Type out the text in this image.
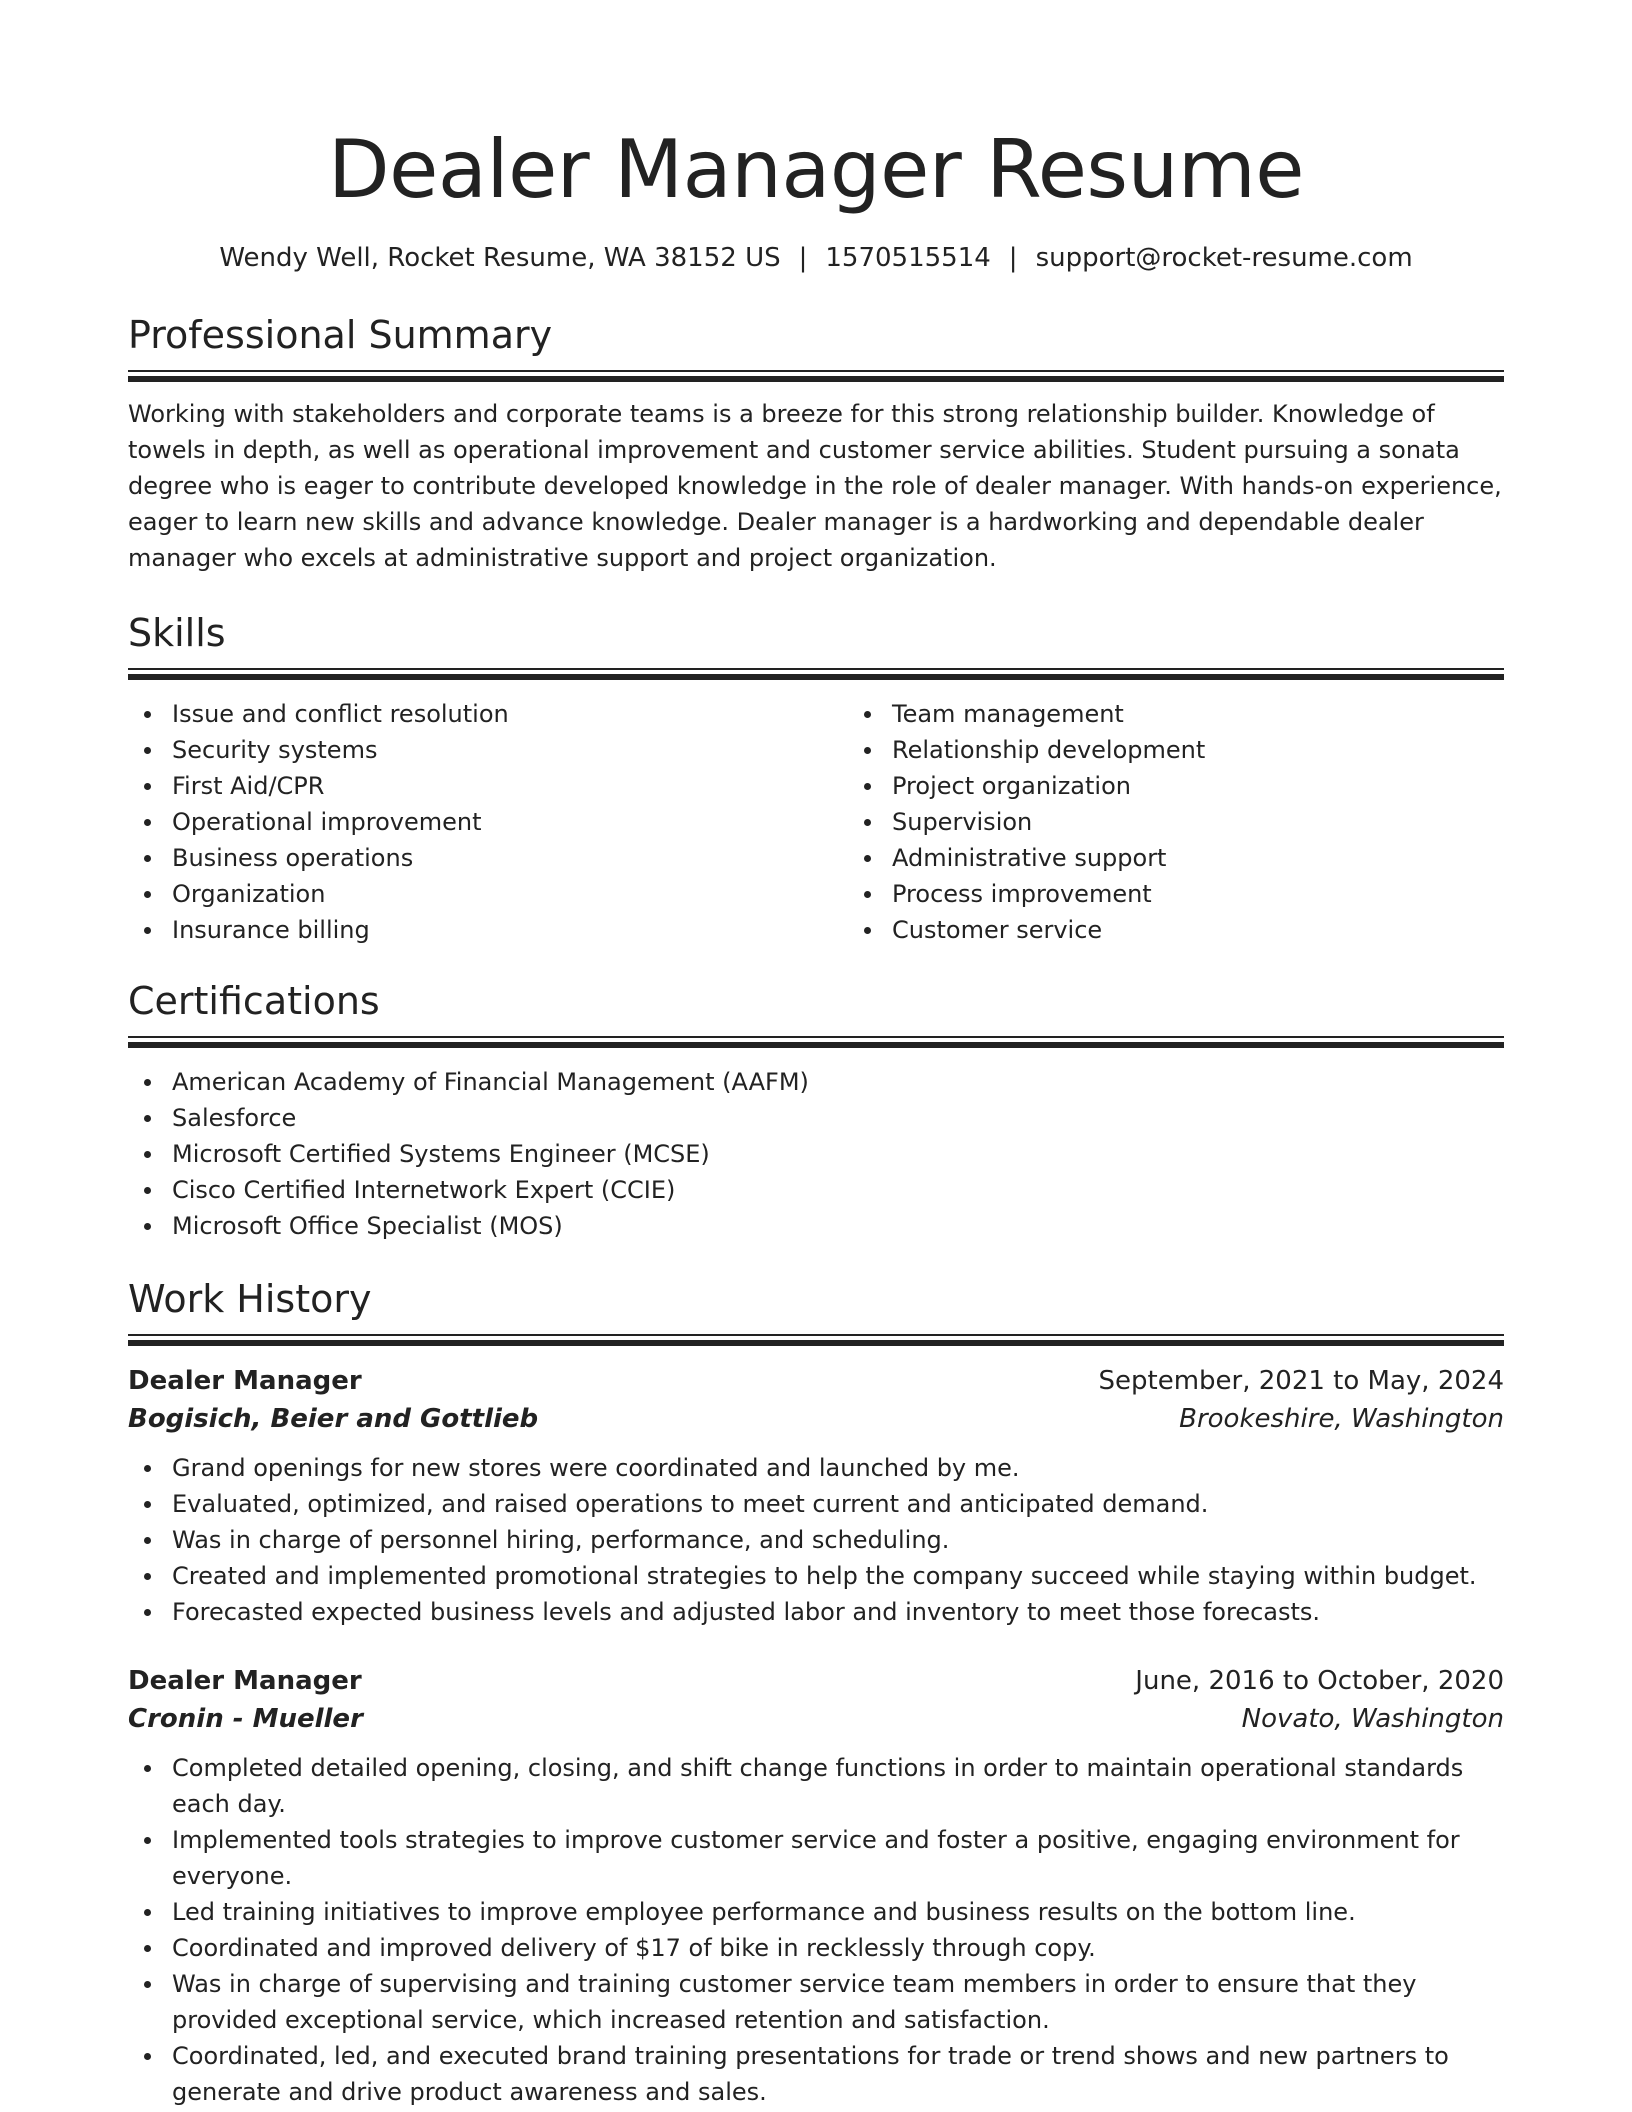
Dealer Manager Resume
Wendy Well, Rocket Resume, WA 38152 US | 1570515514 | support@rocket-resume.com
Professional Summary

Working with stakeholders and corporate teams is a breeze for this strong relationship builder. Knowledge of towels in depth, as well as operational improvement and customer service abilities. Student pursuing a sonata degree who is eager to contribute developed knowledge in the role of dealer manager. With hands-on experience, eager to learn new skills and advance knowledge. Dealer manager is a hardworking and dependable dealer manager who excels at administrative support and project organization.

Skills
Issue and conflict resolution
Security systems
First Aid/CPR
Operational improvement
Business operations
Organization
Insurance billing
Team management
Relationship development
Project organization
Supervision
Administrative support
Process improvement
Customer service
Certifications
American Academy of Financial Management (AAFM)
Salesforce
Microsoft Certified Systems Engineer (MCSE)
Cisco Certified Internetwork Expert (CCIE)
Microsoft Office Specialist (MOS)
Work History
Dealer Manager	September, 2021 to May, 2024
Bogisich, Beier and Gottlieb	Brookeshire, Washington
Grand openings for new stores were coordinated and launched by me.
Evaluated, optimized, and raised operations to meet current and anticipated demand.
Was in charge of personnel hiring, performance, and scheduling.
Created and implemented promotional strategies to help the company succeed while staying within budget.
Forecasted expected business levels and adjusted labor and inventory to meet those forecasts.
Dealer Manager	June, 2016 to October, 2020
Cronin - Mueller	Novato, Washington
Completed detailed opening, closing, and shift change functions in order to maintain operational standards each day.
Implemented tools strategies to improve customer service and foster a positive, engaging environment for everyone.
Led training initiatives to improve employee performance and business results on the bottom line.
Coordinated and improved delivery of $17 of bike in recklessly through copy.
Was in charge of supervising and training customer service team members in order to ensure that they provided exceptional service, which increased retention and satisfaction.
Coordinated, led, and executed brand training presentations for trade or trend shows and new partners to generate and drive product awareness and sales.
